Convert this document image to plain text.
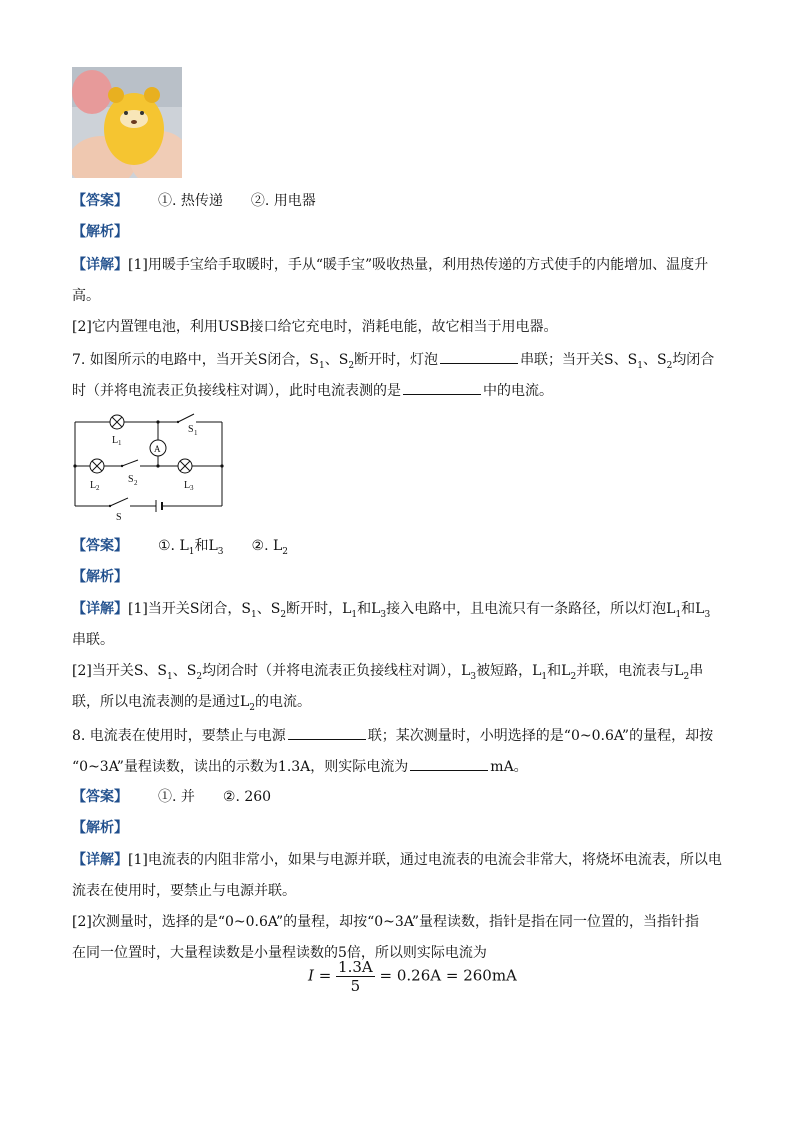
【答案】 ①. 热传递 ②. 用电器
【解析】
【详解】[1]用暖手宝给手取暖时，手从“暖手宝”吸收热量，利用热传递的方式使手的内能增加、温度升
高。
[2]它内置锂电池，利用USB接口给它充电时，消耗电能，故它相当于用电器。
7. 如图所示的电路中，当开关S闭合，$S_1$、$S_2$断开时，灯泡	串联；当开关S、$S_1$、$S_2$均闭合
时（并将电流表正负接线柱对调），此时电流表测的是	中的电流。
A
L 1
S 1
L 2
S 2	L 3
S
【答案】 ①. $L_1$和$L_3$ ②. $L_2$
【解析】
【详解】[1]当开关S闭合，$S_1$、$S_2$断开时，$L_1$和$L_3$接入电路中，且电流只有一条路径，所以灯泡$L_1$和$L_3$
串联。
[2]当开关S、$S_1$、$S_2$均闭合时（并将电流表正负接线柱对调），$L_3$被短路，$L_1$和$L_2$并联，电流表与$L_2$串
联，所以电流表测的是通过$L_2$的电流。
8. 电流表在使用时，要禁止与电源	联；某次测量时，小明选择的是“0~0.6A”的量程，却按
“0~3A”量程读数，读出的示数为1.3A，则实际电流为	mA。
【答案】 ①. 并 ②. 260
【解析】
【详解】[1]电流表的内阻非常小，如果与电源并联，通过电流表的电流会非常大，将烧坏电流表，所以电
流表在使用时，要禁止与电源并联。
[2]次测量时，选择的是“0~0.6A”的量程，却按“0~3A”量程读数，指针是指在同一位置的，当指针指
在同一位置时，大量程读数是小量程读数的5倍，所以则实际电流为
$I = \frac{1.3A}{5} = 0.26A = 260mA$
